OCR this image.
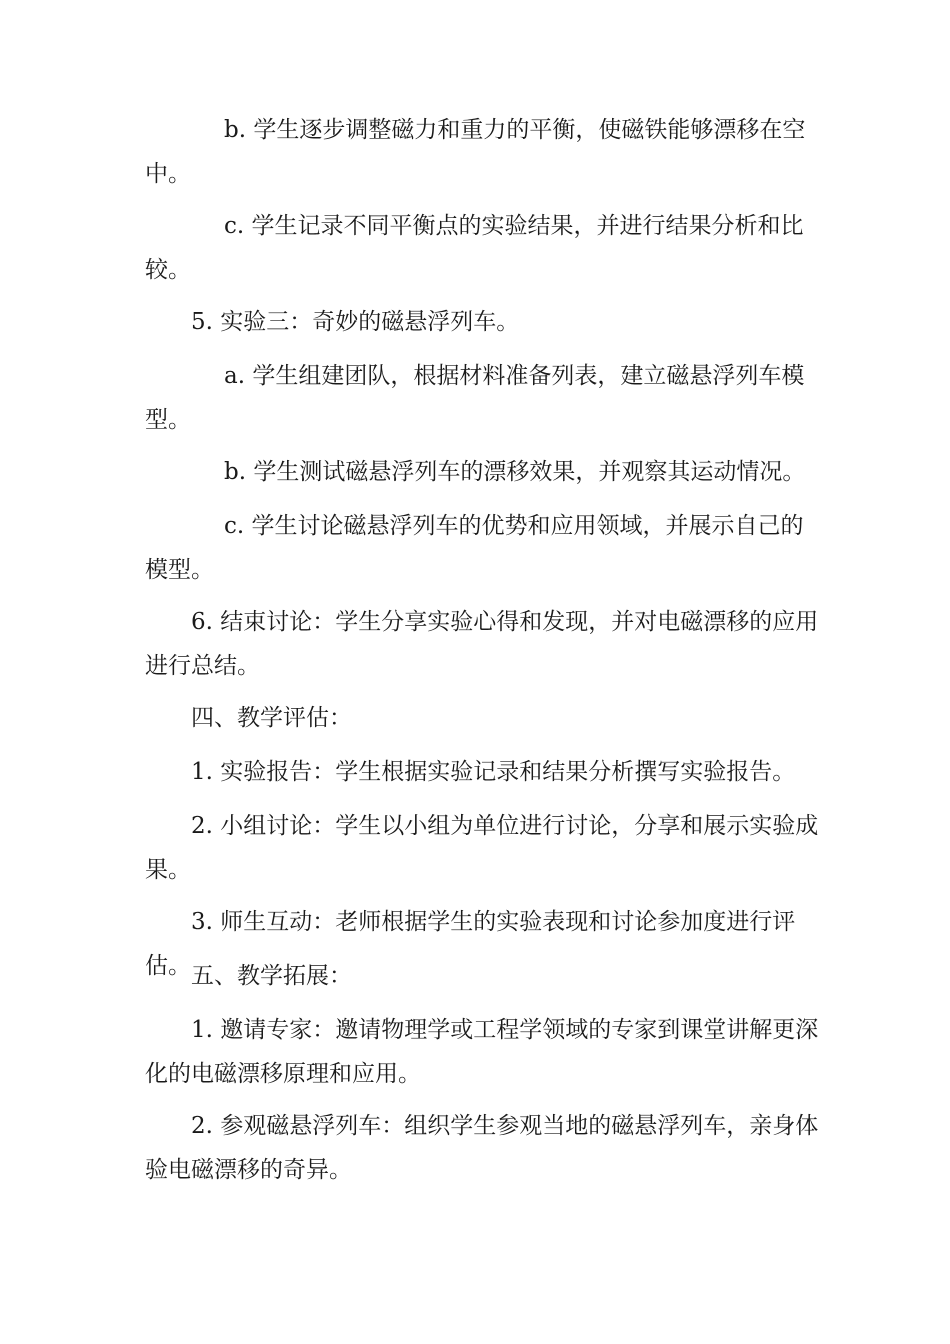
b. 学生逐步调整磁力和重力的平衡，使磁铁能够漂移在空中。

c. 学生记录不同平衡点的实验结果，并进行结果分析和比较。

5. 实验三：奇妙的磁悬浮列车。

a. 学生组建团队，根据材料准备列表，建立磁悬浮列车模型。

b. 学生测试磁悬浮列车的漂移效果，并观察其运动情况。

c. 学生讨论磁悬浮列车的优势和应用领域，并展示自己的模型。

6. 结束讨论：学生分享实验心得和发现，并对电磁漂移的应用进行总结。

四、教学评估：

1. 实验报告：学生根据实验记录和结果分析撰写实验报告。

2. 小组讨论：学生以小组为单位进行讨论，分享和展示实验成果。

3. 师生互动：老师根据学生的实验表现和讨论参加度进行评估。 五、教学拓展：

1. 邀请专家：邀请物理学或工程学领域的专家到课堂讲解更深化的电磁漂移原理和应用。

2. 参观磁悬浮列车：组织学生参观当地的磁悬浮列车，亲身体验电磁漂移的奇异。
